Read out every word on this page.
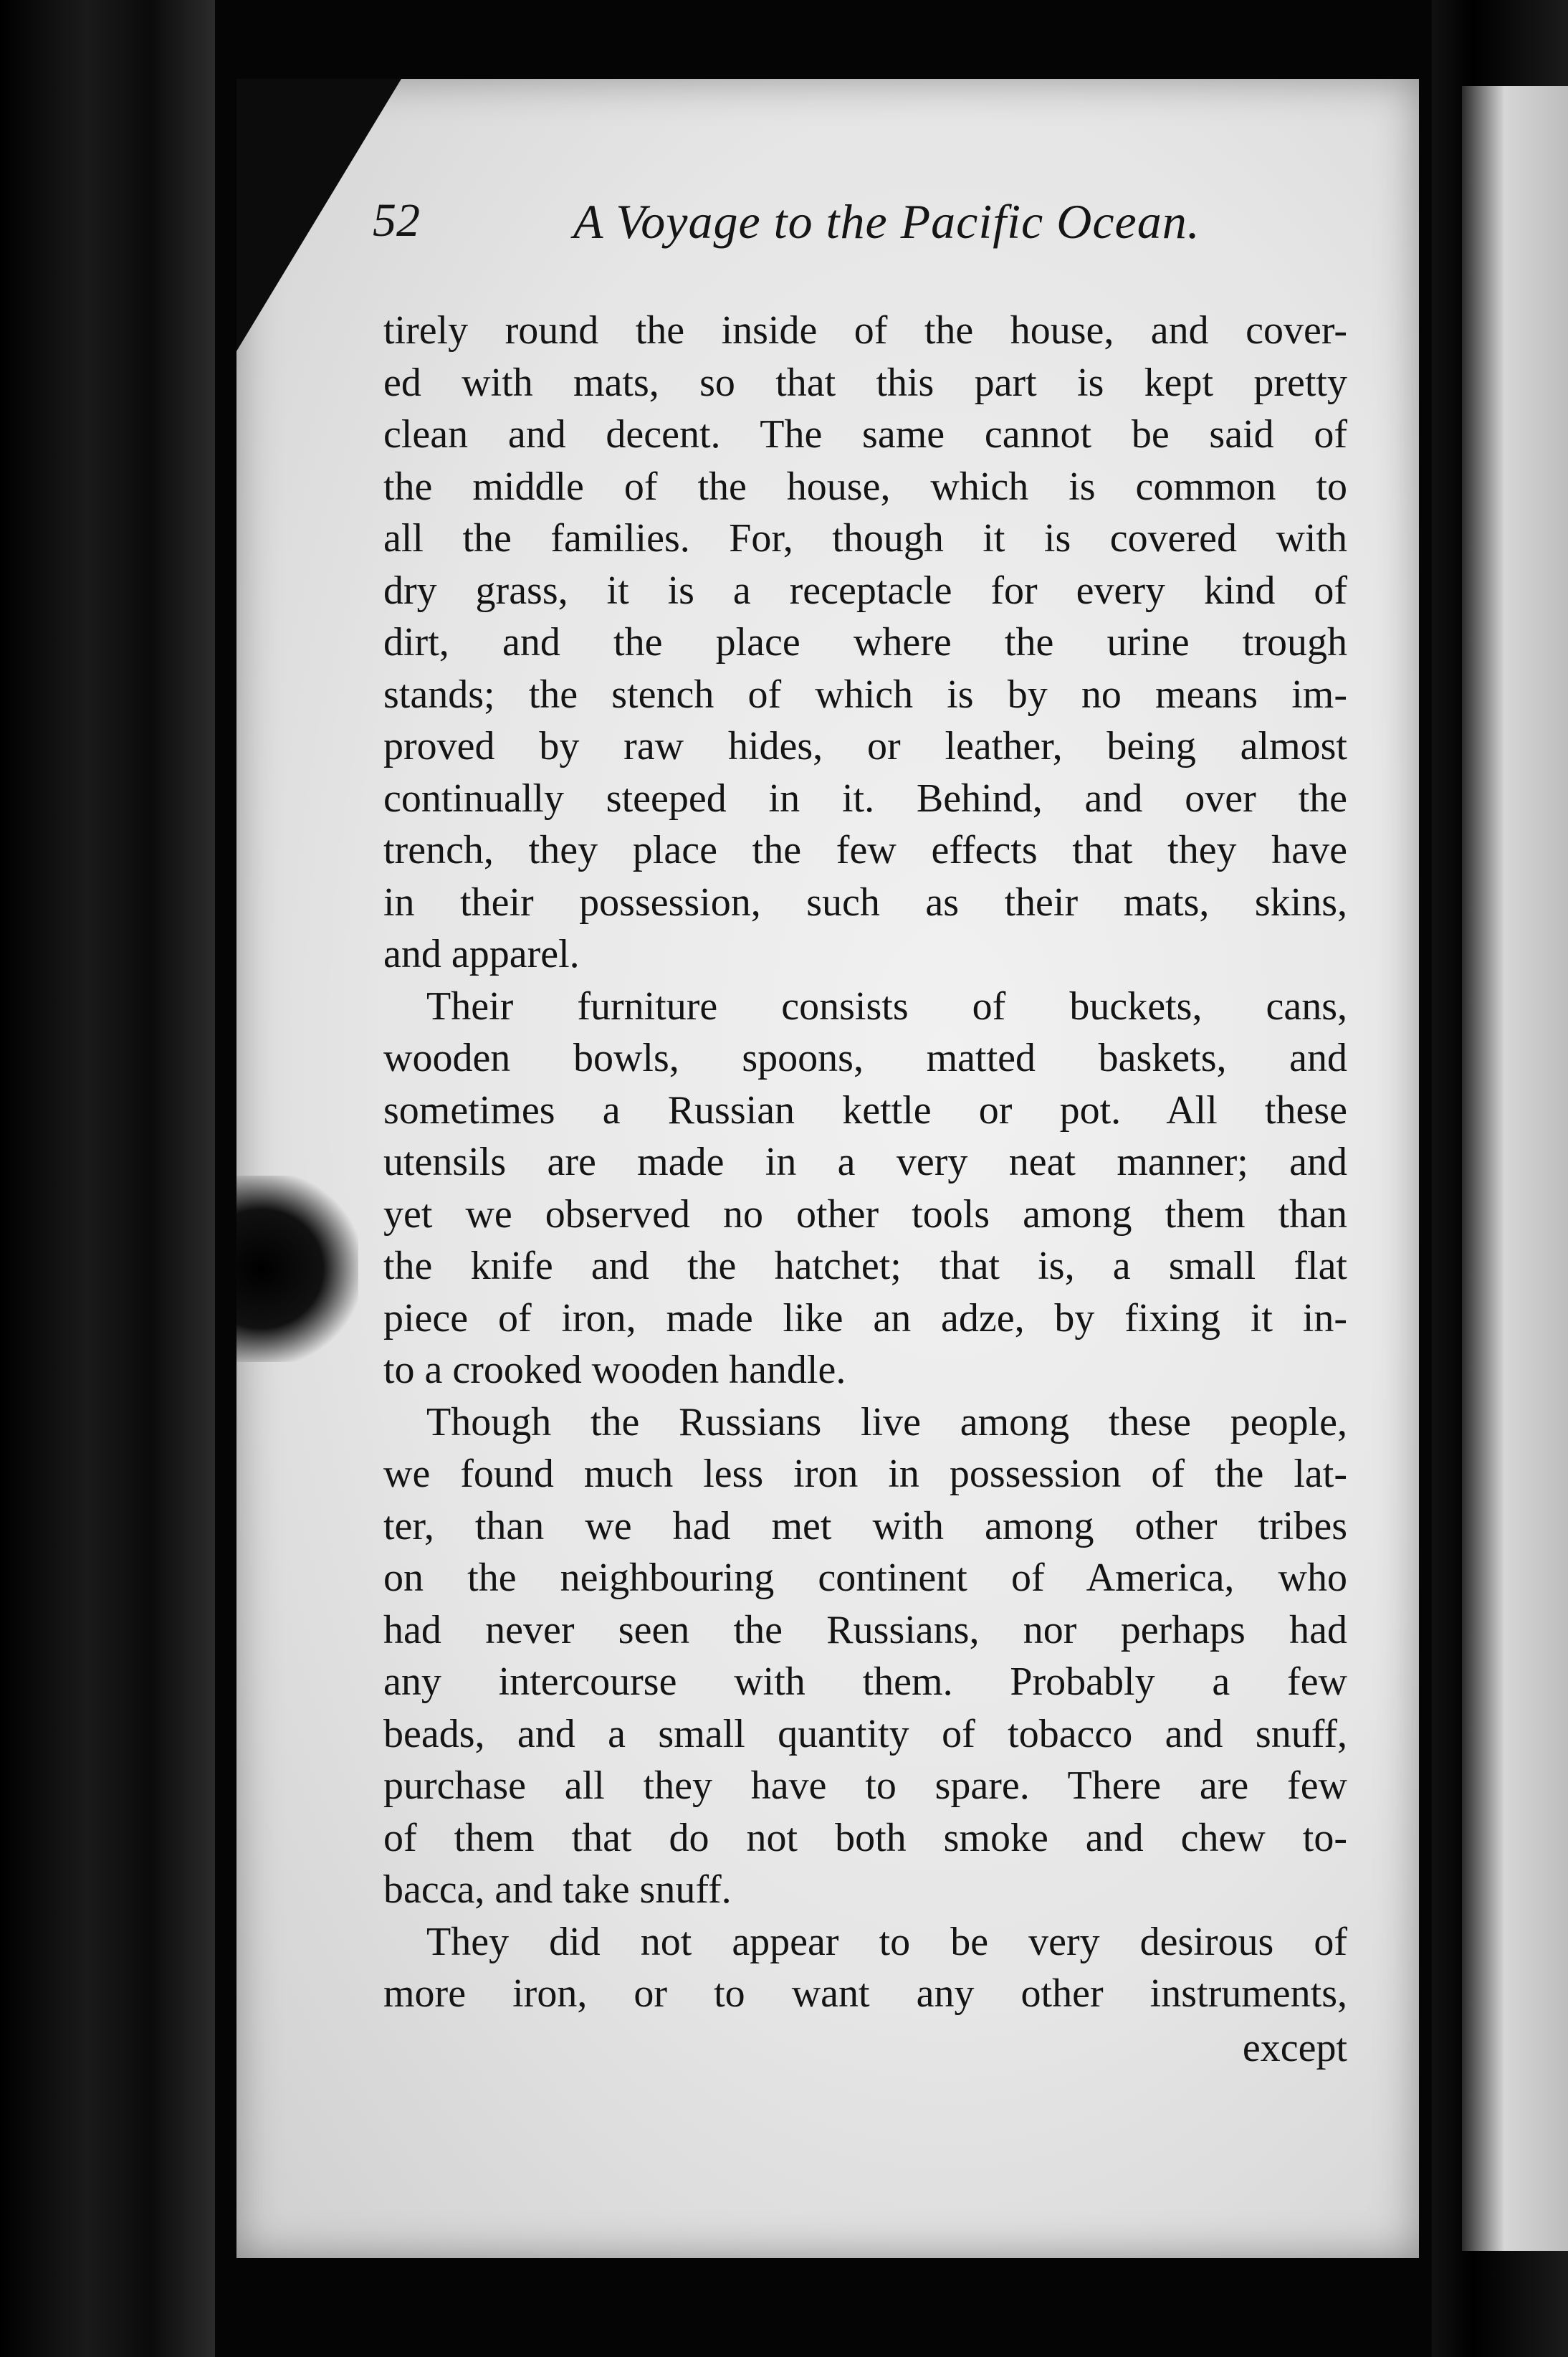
52	A Voyage to the Pacific Ocean.
tirely round the inside of the house, and cover-
ed with mats, so that this part is kept pretty
clean and decent. The same cannot be said of
the middle of the house, which is common to
all the families. For, though it is covered with
dry grass, it is a receptacle for every kind of
dirt, and the place where the urine trough
stands; the stench of which is by no means im-
proved by raw hides, or leather, being almost
continually steeped in it. Behind, and over the
trench, they place the few effects that they have
in their possession, such as their mats, skins,
and apparel.
Their furniture consists of buckets, cans,
wooden bowls, spoons, matted baskets, and
sometimes a Russian kettle or pot. All these
utensils are made in a very neat manner; and
yet we observed no other tools among them than
the knife and the hatchet; that is, a small flat
piece of iron, made like an adze, by fixing it in-
to a crooked wooden handle.
Though the Russians live among these people,
we found much less iron in possession of the lat-
ter, than we had met with among other tribes
on the neighbouring continent of America, who
had never seen the Russians, nor perhaps had
any intercourse with them. Probably a few
beads, and a small quantity of tobacco and snuff,
purchase all they have to spare. There are few
of them that do not both smoke and chew to-
bacca, and take snuff.
They did not appear to be very desirous of
more iron, or to want any other instruments,
except
